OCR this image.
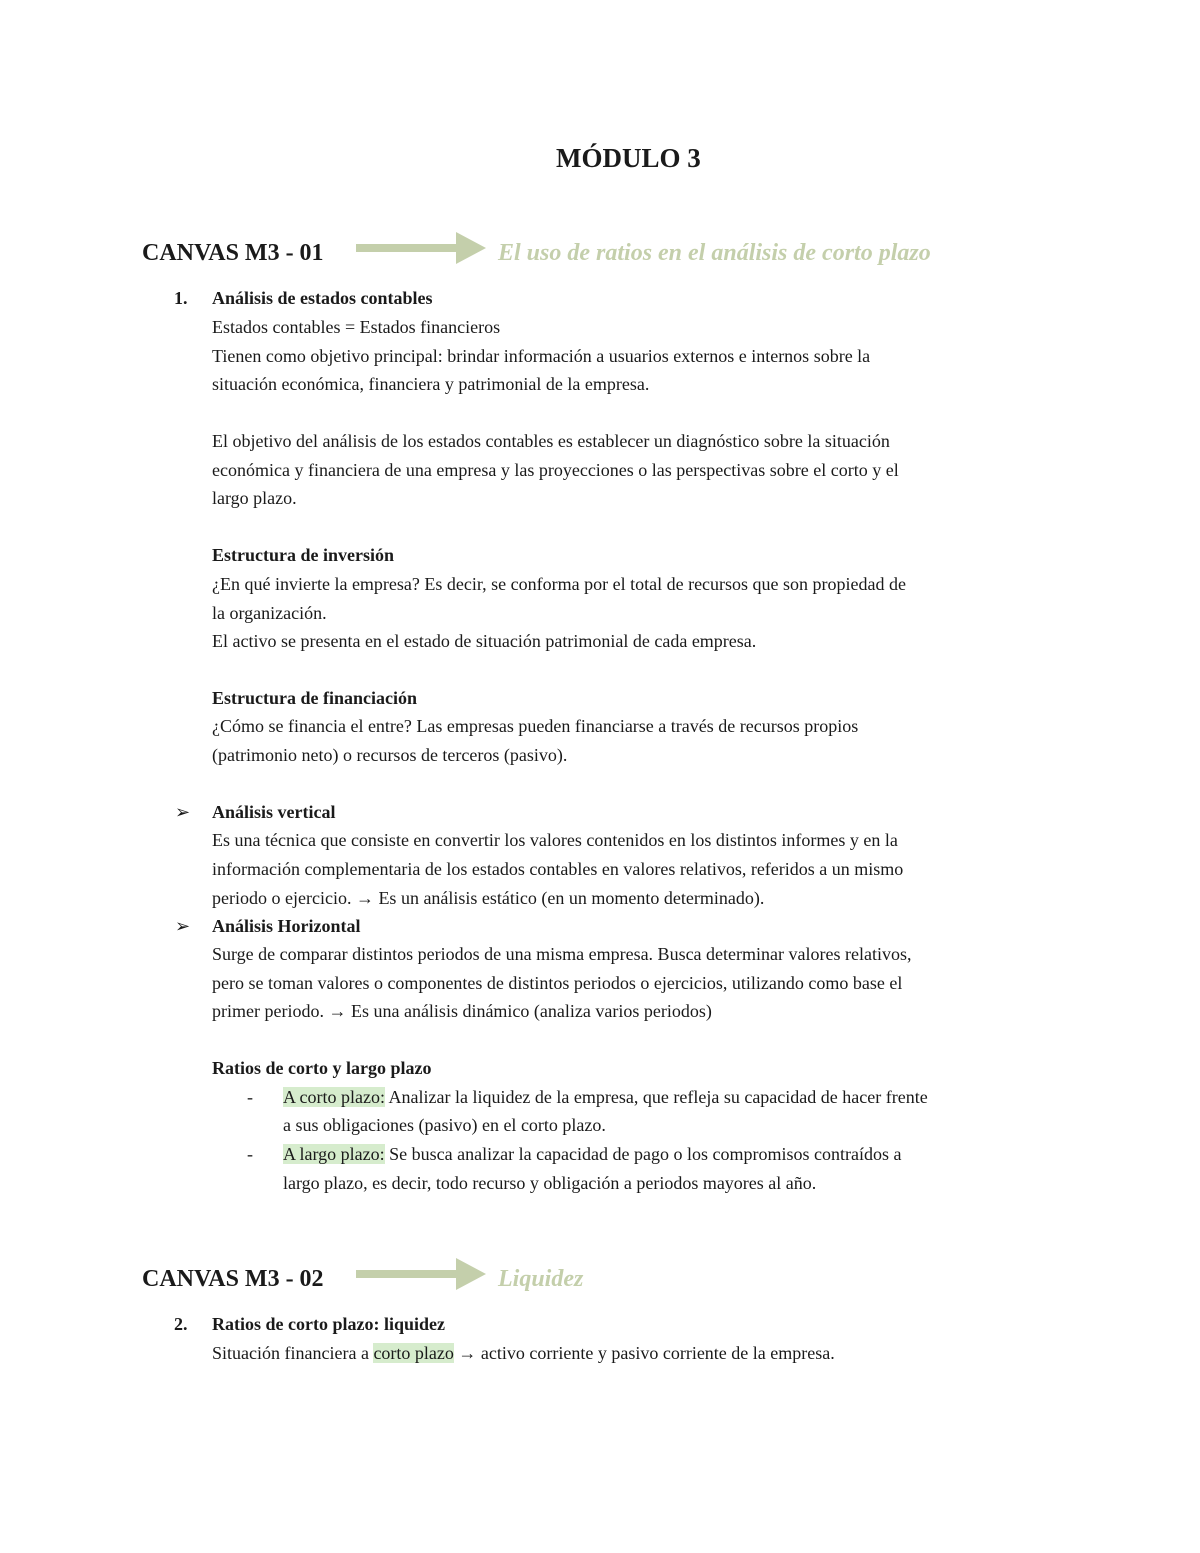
MÓDULO 3
CANVAS M3 - 01	El uso de ratios en el análisis de corto plazo
1. Análisis de estados contables
Estados contables = Estados financieros
Tienen como objetivo principal: brindar información a usuarios externos e internos sobre la
situación económica, financiera y patrimonial de la empresa.
El objetivo del análisis de los estados contables es establecer un diagnóstico sobre la situación
económica y financiera de una empresa y las proyecciones o las perspectivas sobre el corto y el
largo plazo.
Estructura de inversión
¿En qué invierte la empresa? Es decir, se conforma por el total de recursos que son propiedad de
la organización.
El activo se presenta en el estado de situación patrimonial de cada empresa.
Estructura de financiación
¿Cómo se financia el entre? Las empresas pueden financiarse a través de recursos propios
(patrimonio neto) o recursos de terceros (pasivo).
➢ Análisis vertical
Es una técnica que consiste en convertir los valores contenidos en los distintos informes y en la
información complementaria de los estados contables en valores relativos, referidos a un mismo
periodo o ejercicio. → Es un análisis estático (en un momento determinado).
➢ Análisis Horizontal
Surge de comparar distintos periodos de una misma empresa. Busca determinar valores relativos,
pero se toman valores o componentes de distintos periodos o ejercicios, utilizando como base el
primer periodo. → Es una análisis dinámico (analiza varios periodos)
Ratios de corto y largo plazo
- A corto plazo: Analizar la liquidez de la empresa, que refleja su capacidad de hacer frente
a sus obligaciones (pasivo) en el corto plazo.
- A largo plazo: Se busca analizar la capacidad de pago o los compromisos contraídos a
largo plazo, es decir, todo recurso y obligación a periodos mayores al año.
CANVAS M3 - 02	Liquidez
2. Ratios de corto plazo: liquidez
Situación financiera a corto plazo → activo corriente y pasivo corriente de la empresa.
